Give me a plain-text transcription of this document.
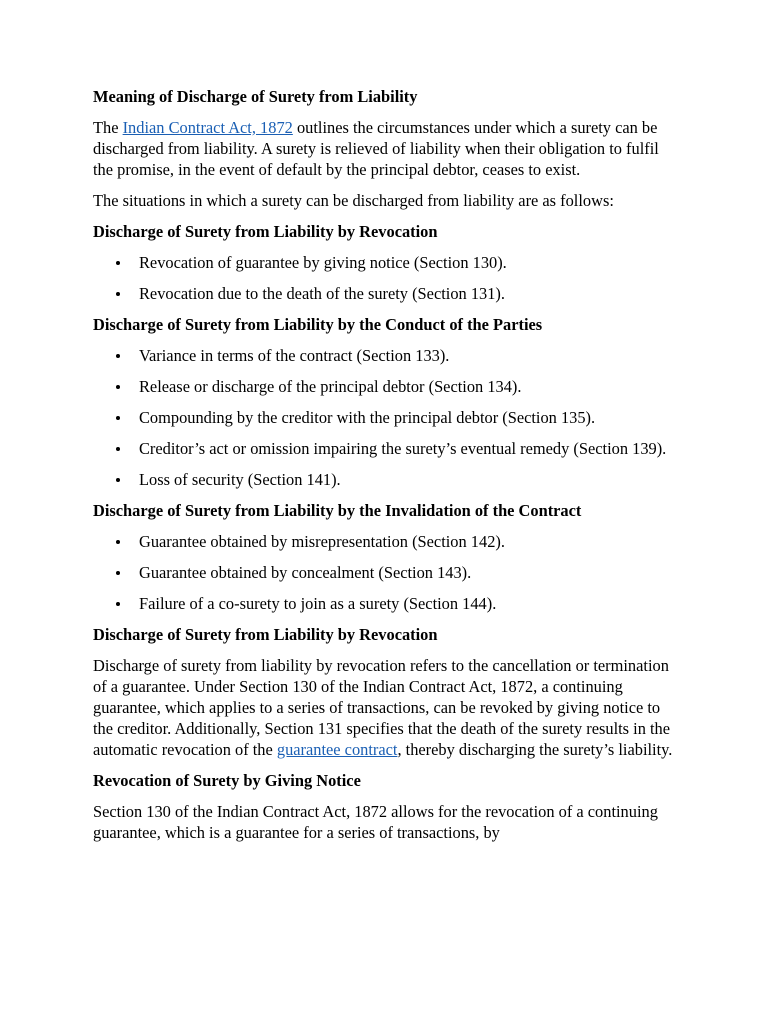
Meaning of Discharge of Surety from Liability

The Indian Contract Act, 1872 outlines the circumstances under which a surety can be discharged from liability. A surety is relieved of liability when their obligation to fulfil the promise, in the event of default by the principal debtor, ceases to exist.

The situations in which a surety can be discharged from liability are as follows:

Discharge of Surety from Liability by Revocation
Revocation of guarantee by giving notice (Section 130).
Revocation due to the death of the surety (Section 131).
Discharge of Surety from Liability by the Conduct of the Parties
Variance in terms of the contract (Section 133).
Release or discharge of the principal debtor (Section 134).
Compounding by the creditor with the principal debtor (Section 135).
Creditor’s act or omission impairing the surety’s eventual remedy (Section 139).
Loss of security (Section 141).
Discharge of Surety from Liability by the Invalidation of the Contract
Guarantee obtained by misrepresentation (Section 142).
Guarantee obtained by concealment (Section 143).
Failure of a co-surety to join as a surety (Section 144).
Discharge of Surety from Liability by Revocation

Discharge of surety from liability by revocation refers to the cancellation or termination of a guarantee. Under Section 130 of the Indian Contract Act, 1872, a continuing guarantee, which applies to a series of transactions, can be revoked by giving notice to the creditor. Additionally, Section 131 specifies that the death of the surety results in the automatic revocation of the guarantee contract, thereby discharging the surety’s liability.

Revocation of Surety by Giving Notice

Section 130 of the Indian Contract Act, 1872 allows for the revocation of a continuing guarantee, which is a guarantee for a series of transactions, by
